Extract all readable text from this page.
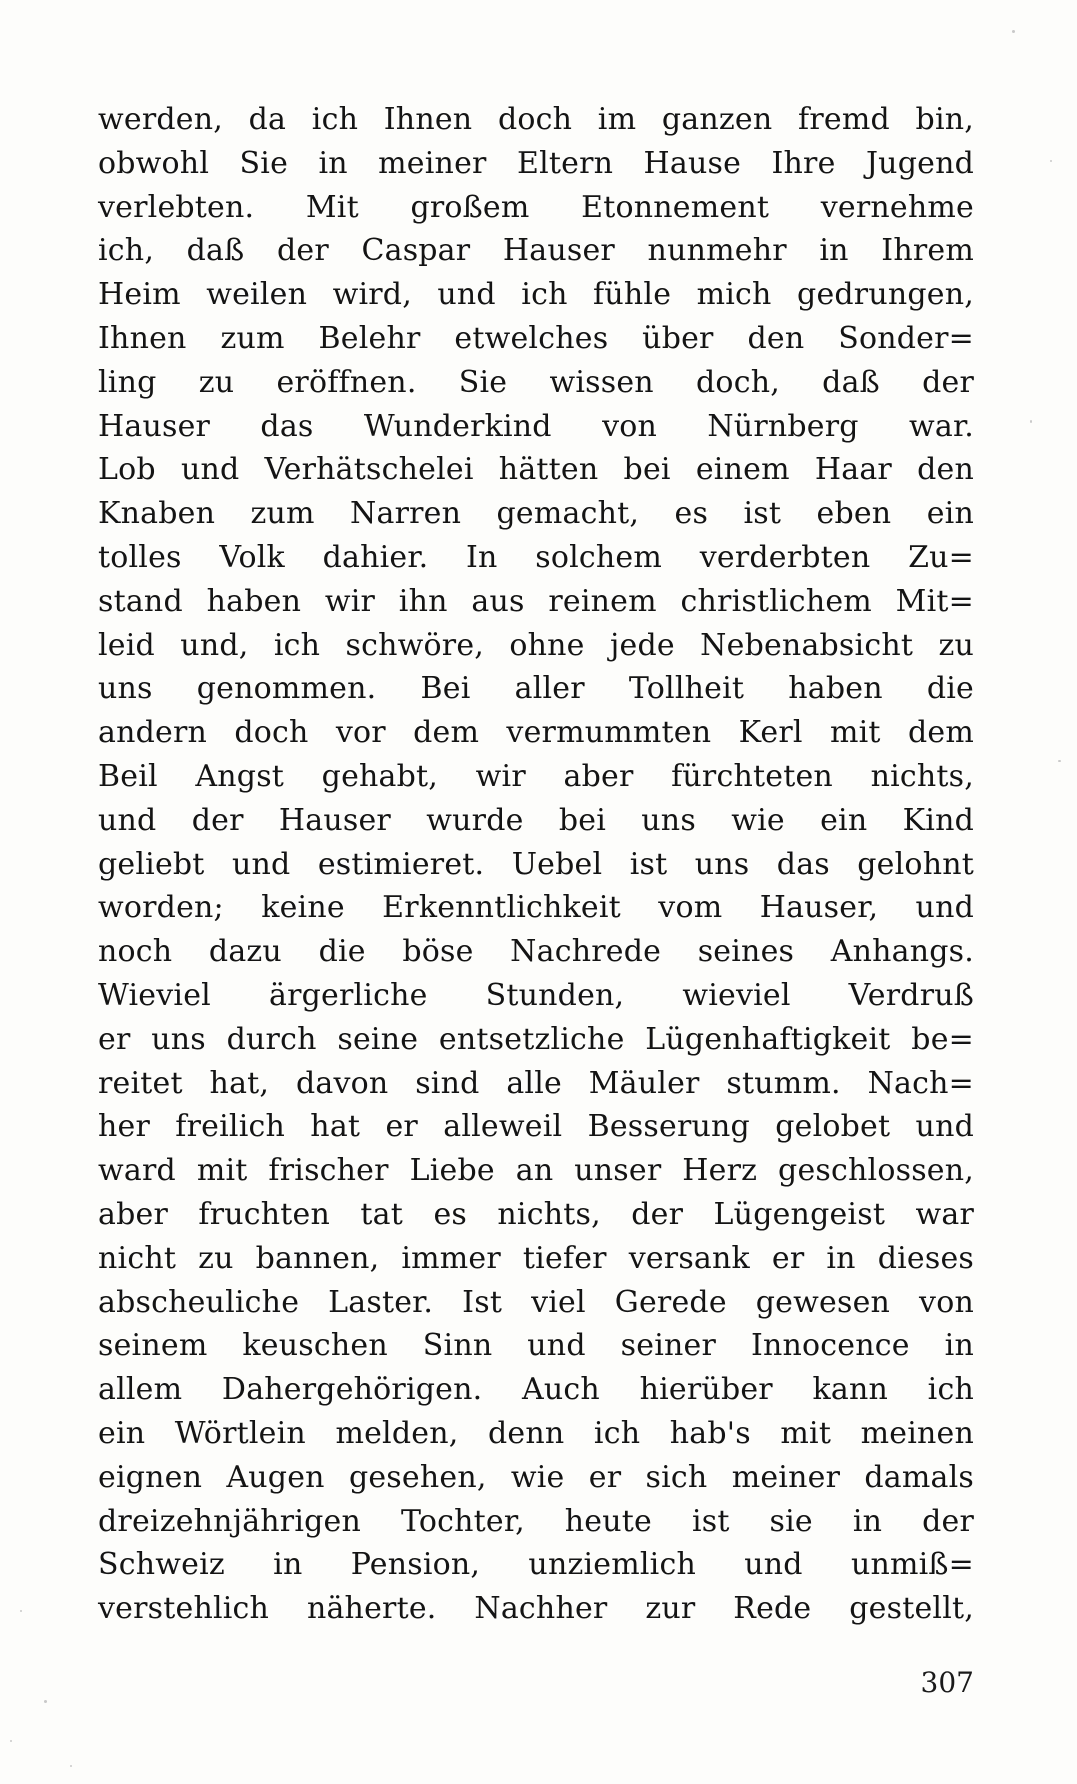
werden, da ich Ihnen doch im ganzen fremd bin,
obwohl Sie in meiner Eltern Hause Ihre Jugend
verlebten. Mit großem Etonnement vernehme
ich, daß der Caspar Hauser nunmehr in Ihrem
Heim weilen wird, und ich fühle mich gedrungen,
Ihnen zum Belehr etwelches über den Sonder=
ling zu eröffnen. Sie wissen doch, daß der
Hauser das Wunderkind von Nürnberg war.
Lob und Verhätschelei hätten bei einem Haar den
Knaben zum Narren gemacht, es ist eben ein
tolles Volk dahier. In solchem verderbten Zu=
stand haben wir ihn aus reinem christlichem Mit=
leid und, ich schwöre, ohne jede Nebenabsicht zu
uns genommen. Bei aller Tollheit haben die
andern doch vor dem vermummten Kerl mit dem
Beil Angst gehabt, wir aber fürchteten nichts,
und der Hauser wurde bei uns wie ein Kind
geliebt und estimieret. Uebel ist uns das gelohnt
worden; keine Erkenntlichkeit vom Hauser, und
noch dazu die böse Nachrede seines Anhangs.
Wieviel ärgerliche Stunden, wieviel Verdruß
er uns durch seine entsetzliche Lügenhaftigkeit be=
reitet hat, davon sind alle Mäuler stumm. Nach=
her freilich hat er alleweil Besserung gelobet und
ward mit frischer Liebe an unser Herz geschlossen,
aber fruchten tat es nichts, der Lügengeist war
nicht zu bannen, immer tiefer versank er in dieses
abscheuliche Laster. Ist viel Gerede gewesen von
seinem keuschen Sinn und seiner Innocence in
allem Dahergehörigen. Auch hierüber kann ich
ein Wörtlein melden, denn ich hab's mit meinen
eignen Augen gesehen, wie er sich meiner damals
dreizehnjährigen Tochter, heute ist sie in der
Schweiz in Pension, unziemlich und unmiß=
verstehlich näherte. Nachher zur Rede gestellt,
307
